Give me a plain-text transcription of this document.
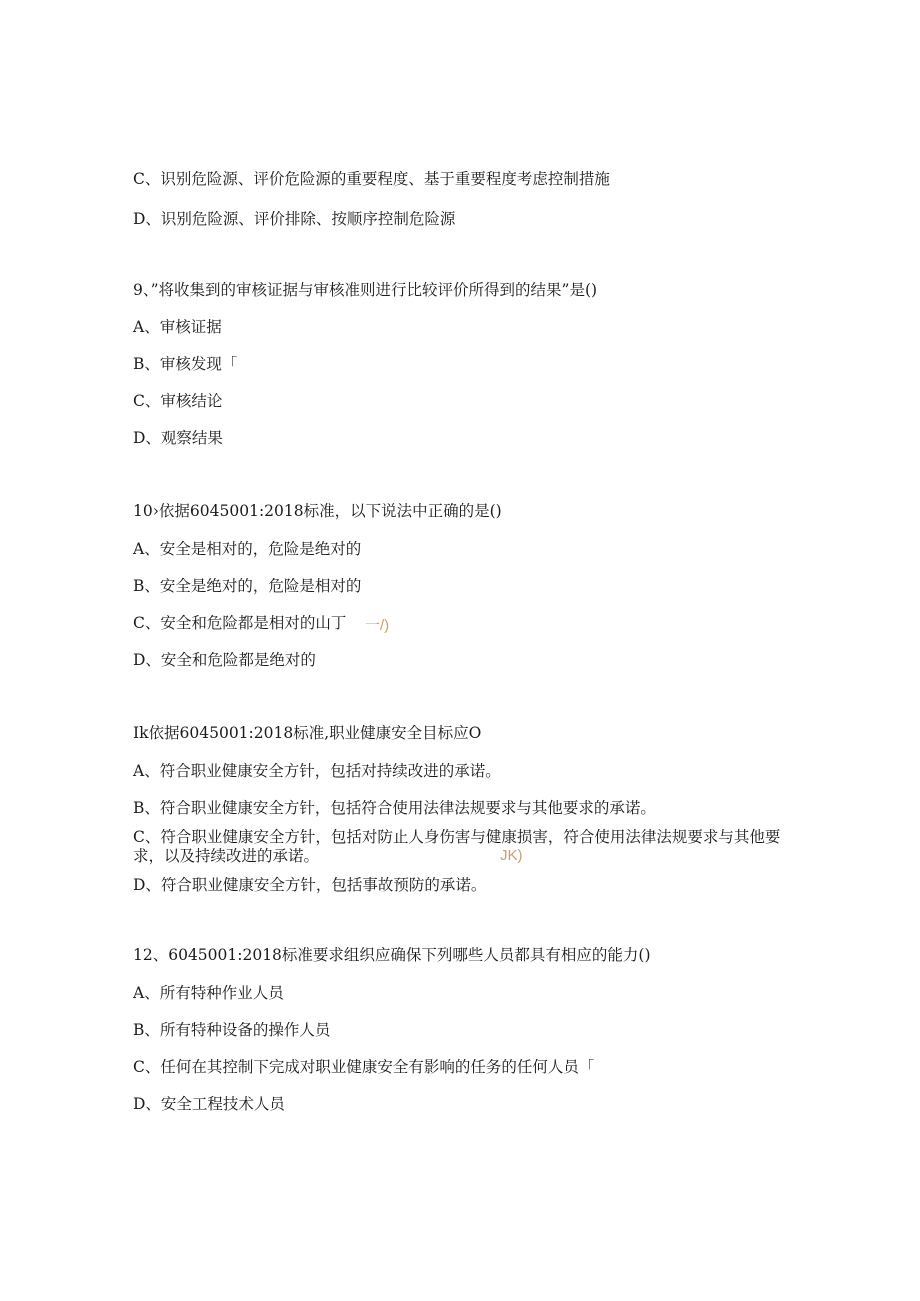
C、识别危险源、评价危险源的重要程度、基于重要程度考虑控制措施
D、识别危险源、评价排除、按顺序控制危险源
9、”将收集到的审核证据与审核准则进行比较评价所得到的结果”是()
A、审核证据
B、审核发现「
C、审核结论
D、观察结果
10›依据6045001:2018标准，以下说法中正确的是()
A、安全是相对的，危险是绝对的
B、安全是绝对的，危险是相对的
C、安全和危险都是相对的山丁 一/)
D、安全和危险都是绝对的
Ik依据6045001:2018标准,职业健康安全目标应O
A、符合职业健康安全方针，包括对持续改进的承诺。
B、符合职业健康安全方针，包括符合使用法律法规要求与其他要求的承诺。
C、符合职业健康安全方针，包括对防止人身伤害与健康损害，符合使用法律法规要求与其他要求，以及持续改进的承诺。	JK)
D、符合职业健康安全方针，包括事故预防的承诺。
12、6045001:2018标准要求组织应确保下列哪些人员都具有相应的能力()
A、所有特种作业人员
B、所有特种设备的操作人员
C、任何在其控制下完成对职业健康安全有影响的任务的任何人员「
D、安全工程技术人员
